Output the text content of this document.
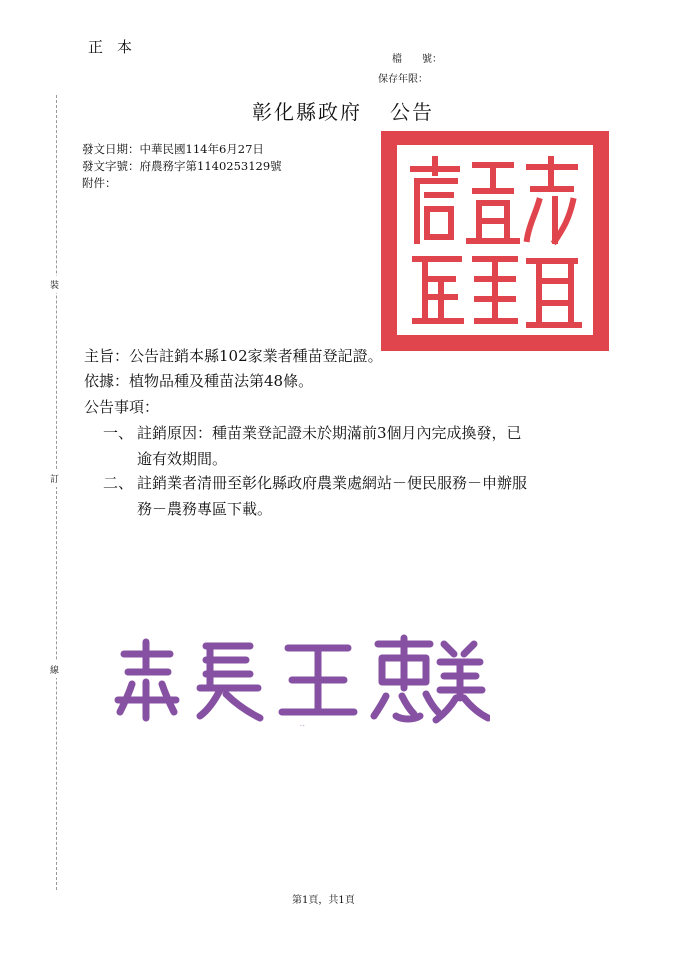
正本
檔　　號：
保存年限：
彰化縣政府 公告
發文日期：中華民國114年6月27日
發文字號：府農務字第1140253129號
附件：
裝
訂
線
彰化縣政府印
主旨：公告註銷本縣102家業者種苗登記證。
依據：植物品種及種苗法第48條。
公告事項：
一、 註銷原因：種苗業登記證未於期滿前3個月內完成換發，已
逾有效期間。
二、 註銷業者清冊至彰化縣政府農業處網站－便民服務－申辦服
務－農務專區下載。
縣長王惠美
第1頁，共1頁
